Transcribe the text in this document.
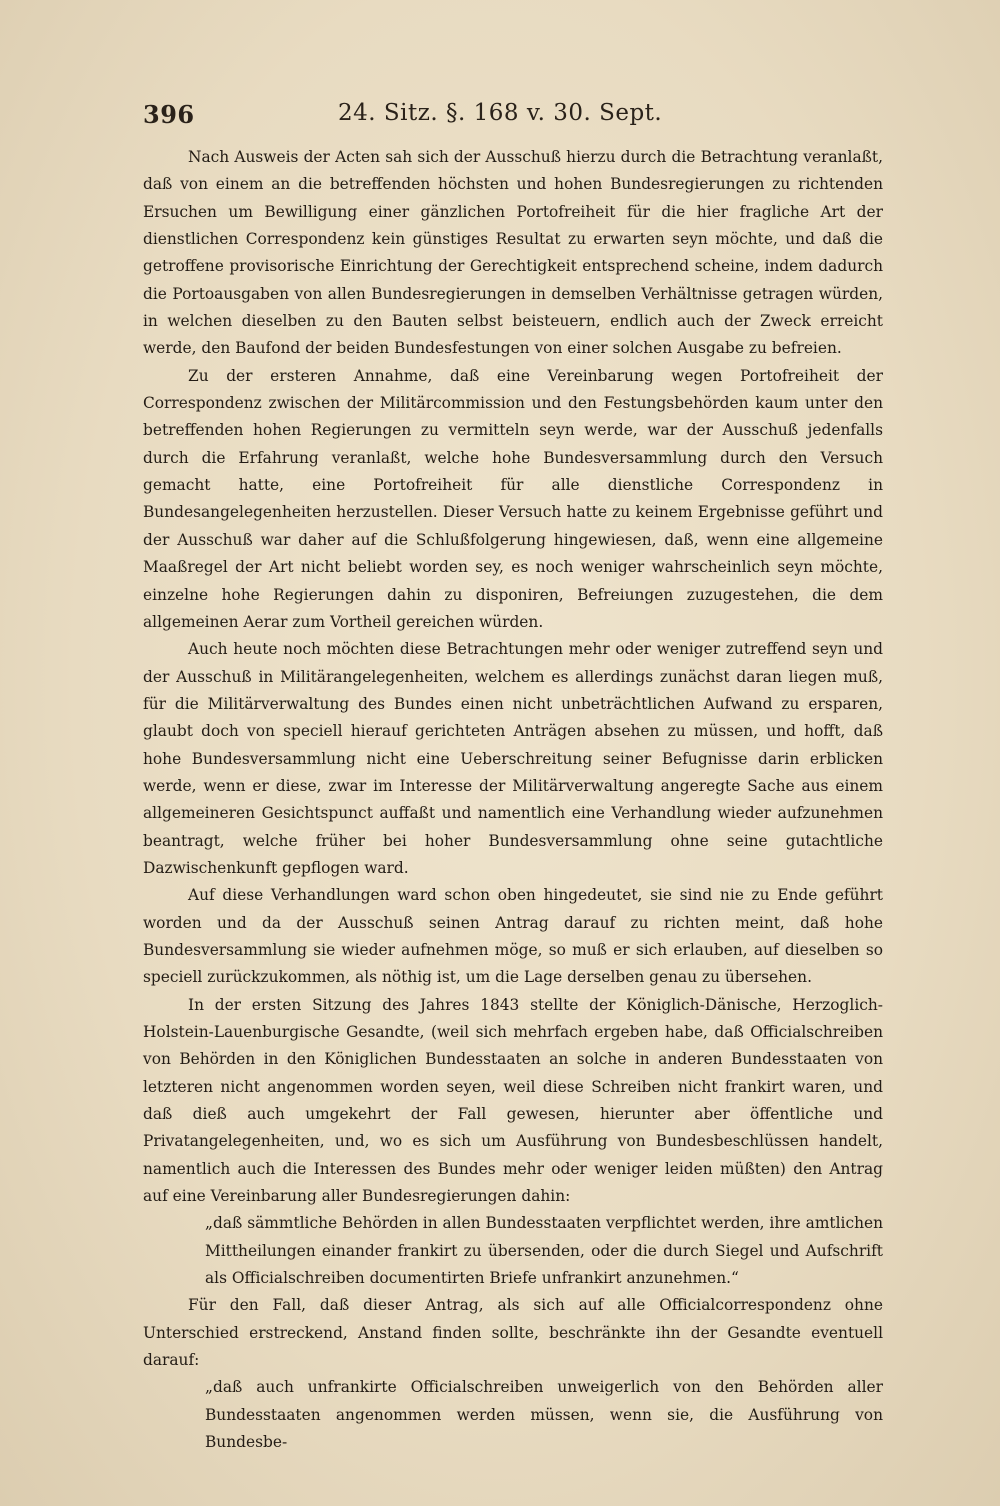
396	24. Sitz. §. 168 v. 30. Sept.

Nach Ausweis der Acten sah sich der Ausschuß hierzu durch die Betrachtung veranlaßt, daß von einem an die betreffenden höchsten und hohen Bundesregierungen zu richtenden Ersuchen um Bewilligung einer gänzlichen Portofreiheit für die hier fragliche Art der dienstlichen Correspondenz kein günstiges Resultat zu erwarten seyn möchte, und daß die getroffene provisorische Einrichtung der Gerechtigkeit entsprechend scheine, indem dadurch die Portoausgaben von allen Bundesregierungen in demselben Verhältnisse getragen würden, in welchen dieselben zu den Bauten selbst beisteuern, endlich auch der Zweck erreicht werde, den Baufond der beiden Bundesfestungen von einer solchen Ausgabe zu befreien.

Zu der ersteren Annahme, daß eine Vereinbarung wegen Portofreiheit der Correspondenz zwischen der Militärcommission und den Festungsbehörden kaum unter den betreffenden hohen Regierungen zu vermitteln seyn werde, war der Ausschuß jedenfalls durch die Erfahrung veranlaßt, welche hohe Bundesversammlung durch den Versuch gemacht hatte, eine Portofreiheit für alle dienstliche Correspondenz in Bundesangelegenheiten herzustellen. Dieser Versuch hatte zu keinem Ergebnisse geführt und der Ausschuß war daher auf die Schlußfolgerung hingewiesen, daß, wenn eine allgemeine Maaßregel der Art nicht beliebt worden sey, es noch weniger wahrscheinlich seyn möchte, einzelne hohe Regierungen dahin zu disponiren, Befreiungen zuzugestehen, die dem allgemeinen Aerar zum Vortheil gereichen würden.

Auch heute noch möchten diese Betrachtungen mehr oder weniger zutreffend seyn und der Ausschuß in Militärangelegenheiten, welchem es allerdings zunächst daran liegen muß, für die Militärverwaltung des Bundes einen nicht unbeträchtlichen Aufwand zu ersparen, glaubt doch von speciell hierauf gerichteten Anträgen absehen zu müssen, und hofft, daß hohe Bundesversammlung nicht eine Ueberschreitung seiner Befugnisse darin erblicken werde, wenn er diese, zwar im Interesse der Militärverwaltung angeregte Sache aus einem allgemeineren Gesichtspunct auffaßt und namentlich eine Verhandlung wieder aufzunehmen beantragt, welche früher bei hoher Bundesversammlung ohne seine gutachtliche Dazwischenkunft gepflogen ward.

Auf diese Verhandlungen ward schon oben hingedeutet, sie sind nie zu Ende geführt worden und da der Ausschuß seinen Antrag darauf zu richten meint, daß hohe Bundesversammlung sie wieder aufnehmen möge, so muß er sich erlauben, auf dieselben so speciell zurückzukommen, als nöthig ist, um die Lage derselben genau zu übersehen.

In der ersten Sitzung des Jahres 1843 stellte der Königlich-Dänische, Herzoglich-Holstein-Lauenburgische Gesandte, (weil sich mehrfach ergeben habe, daß Officialschreiben von Behörden in den Königlichen Bundesstaaten an solche in anderen Bundesstaaten von letzteren nicht angenommen worden seyen, weil diese Schreiben nicht frankirt waren, und daß dieß auch umgekehrt der Fall gewesen, hierunter aber öffentliche und Privatangelegenheiten, und, wo es sich um Ausführung von Bundesbeschlüssen handelt, namentlich auch die Interessen des Bundes mehr oder weniger leiden müßten) den Antrag auf eine Vereinbarung aller Bundesregierungen dahin:

„daß sämmtliche Behörden in allen Bundesstaaten verpflichtet werden, ihre amtlichen Mittheilungen einander frankirt zu übersenden, oder die durch Siegel und Aufschrift als Officialschreiben documentirten Briefe unfrankirt anzunehmen.“

Für den Fall, daß dieser Antrag, als sich auf alle Officialcorrespondenz ohne Unterschied erstreckend, Anstand finden sollte, beschränkte ihn der Gesandte eventuell darauf:

„daß auch unfrankirte Officialschreiben unweigerlich von den Behörden aller Bundesstaaten angenommen werden müssen, wenn sie, die Ausführung von Bundesbe-
